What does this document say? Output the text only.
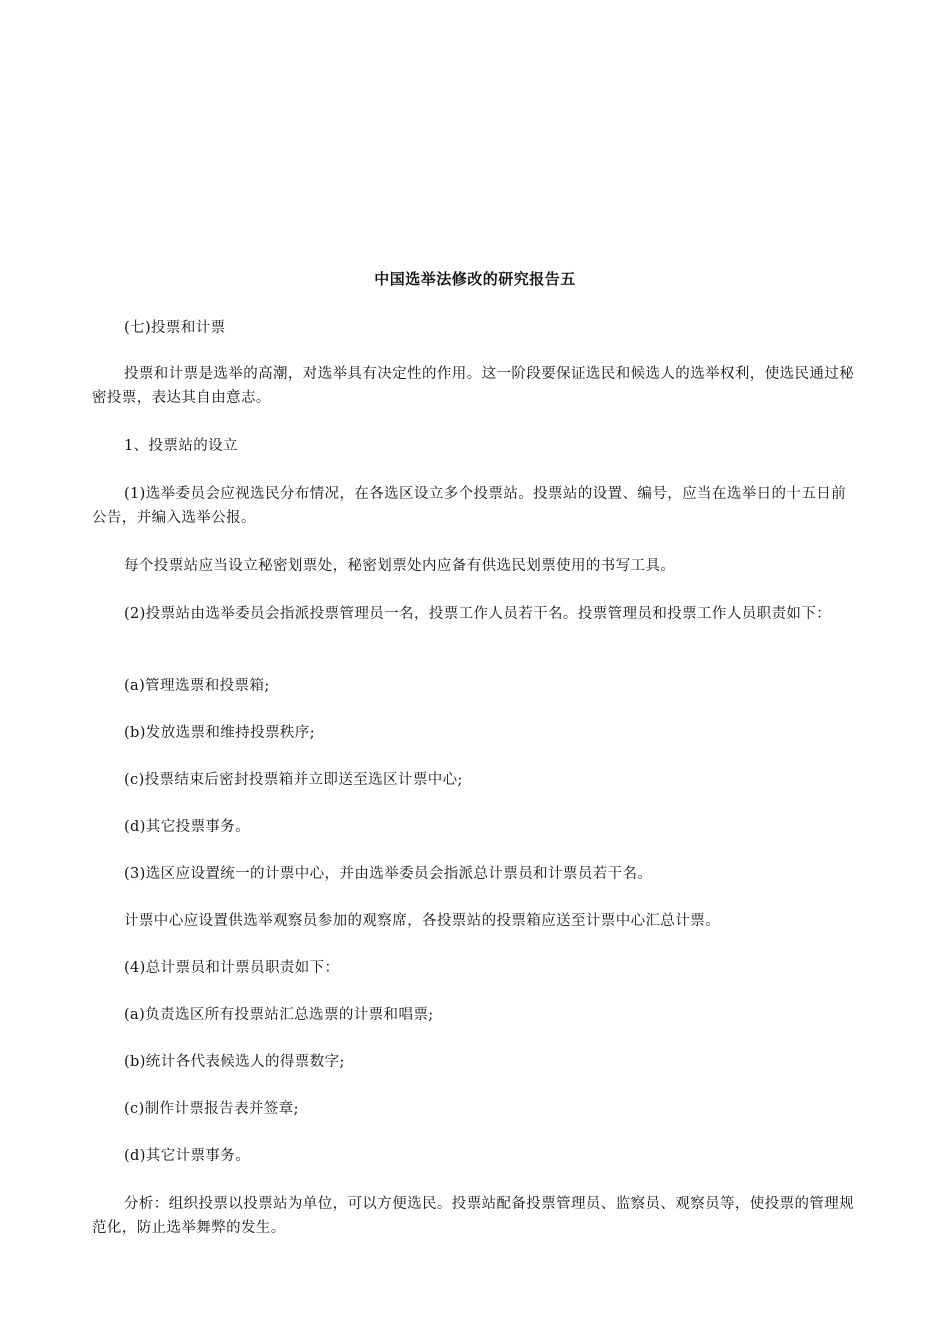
中国选举法修改的研究报告五

(七)投票和计票

投票和计票是选举的高潮，对选举具有决定性的作用。这一阶段要保证选民和候选人的选举权利，使选民通过秘密投票，表达其自由意志。

1、投票站的设立

(1)选举委员会应视选民分布情况，在各选区设立多个投票站。投票站的设置、编号，应当在选举日的十五日前公告，并编入选举公报。

每个投票站应当设立秘密划票处，秘密划票处内应备有供选民划票使用的书写工具。

(2)投票站由选举委员会指派投票管理员一名，投票工作人员若干名。投票管理员和投票工作人员职责如下：

(a)管理选票和投票箱;

(b)发放选票和维持投票秩序;

(c)投票结束后密封投票箱并立即送至选区计票中心;

(d)其它投票事务。

(3)选区应设置统一的计票中心，并由选举委员会指派总计票员和计票员若干名。

计票中心应设置供选举观察员参加的观察席，各投票站的投票箱应送至计票中心汇总计票。

(4)总计票员和计票员职责如下：

(a)负责选区所有投票站汇总选票的计票和唱票;

(b)统计各代表候选人的得票数字;

(c)制作计票报告表并签章;

(d)其它计票事务。

分析：组织投票以投票站为单位，可以方便选民。投票站配备投票管理员、监察员、观察员等，使投票的管理规范化，防止选举舞弊的发生。
